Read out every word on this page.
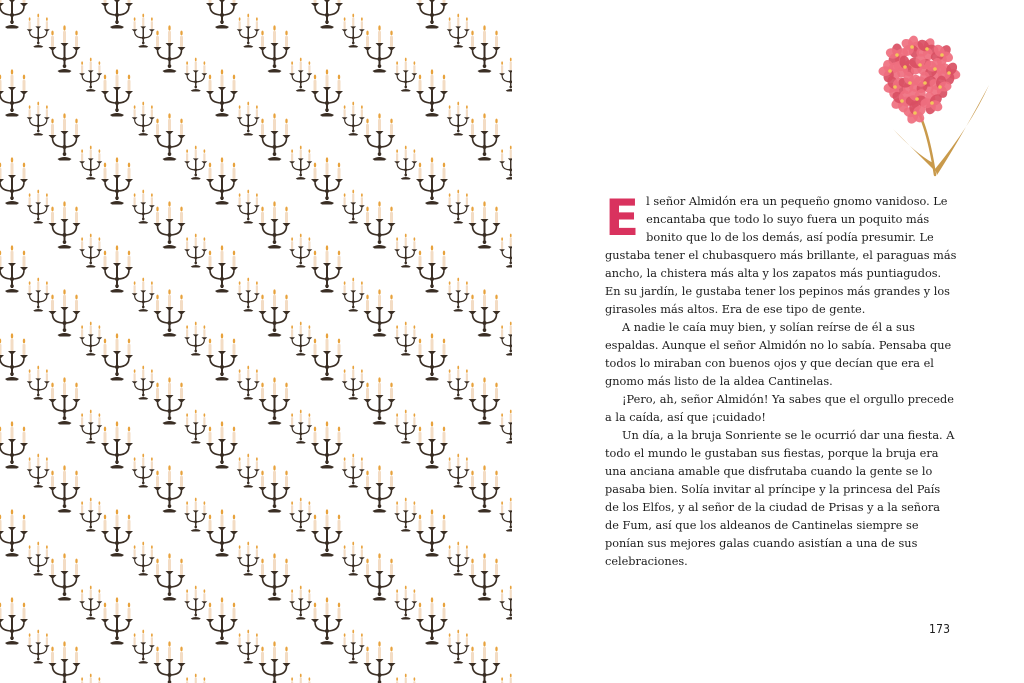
El señor Almidón era un pequeño gnomo vanidoso. Le encantaba que todo lo suyo fuera un poquito más bonito que lo de los demás, así podía presumir. Le gustaba tener el chubasquero más brillante, el paraguas más ancho, la chistera más alta y los zapatos más puntiagudos. En su jardín, le gustaba tener los pepinos más grandes y los girasoles más altos. Era de ese tipo de gente.

A nadie le caía muy bien, y solían reírse de él a sus espaldas. Aunque el señor Almidón no lo sabía. Pensaba que todos lo miraban con buenos ojos y que decían que era el gnomo más listo de la aldea Cantinelas.

¡Pero, ah, señor Almidón! Ya sabes que el orgullo precede a la caída, así que ¡cuidado!

Un día, a la bruja Sonriente se le ocurrió dar una fiesta. A todo el mundo le gustaban sus fiestas, porque la bruja era una anciana amable que disfrutaba cuando la gente se lo pasaba bien. Solía invitar al príncipe y la princesa del País de los Elfos, y al señor de la ciudad de Prisas y a la señora de Fum, así que los aldeanos de Cantinelas siempre se ponían sus mejores galas cuando asistían a una de sus celebraciones.

173
